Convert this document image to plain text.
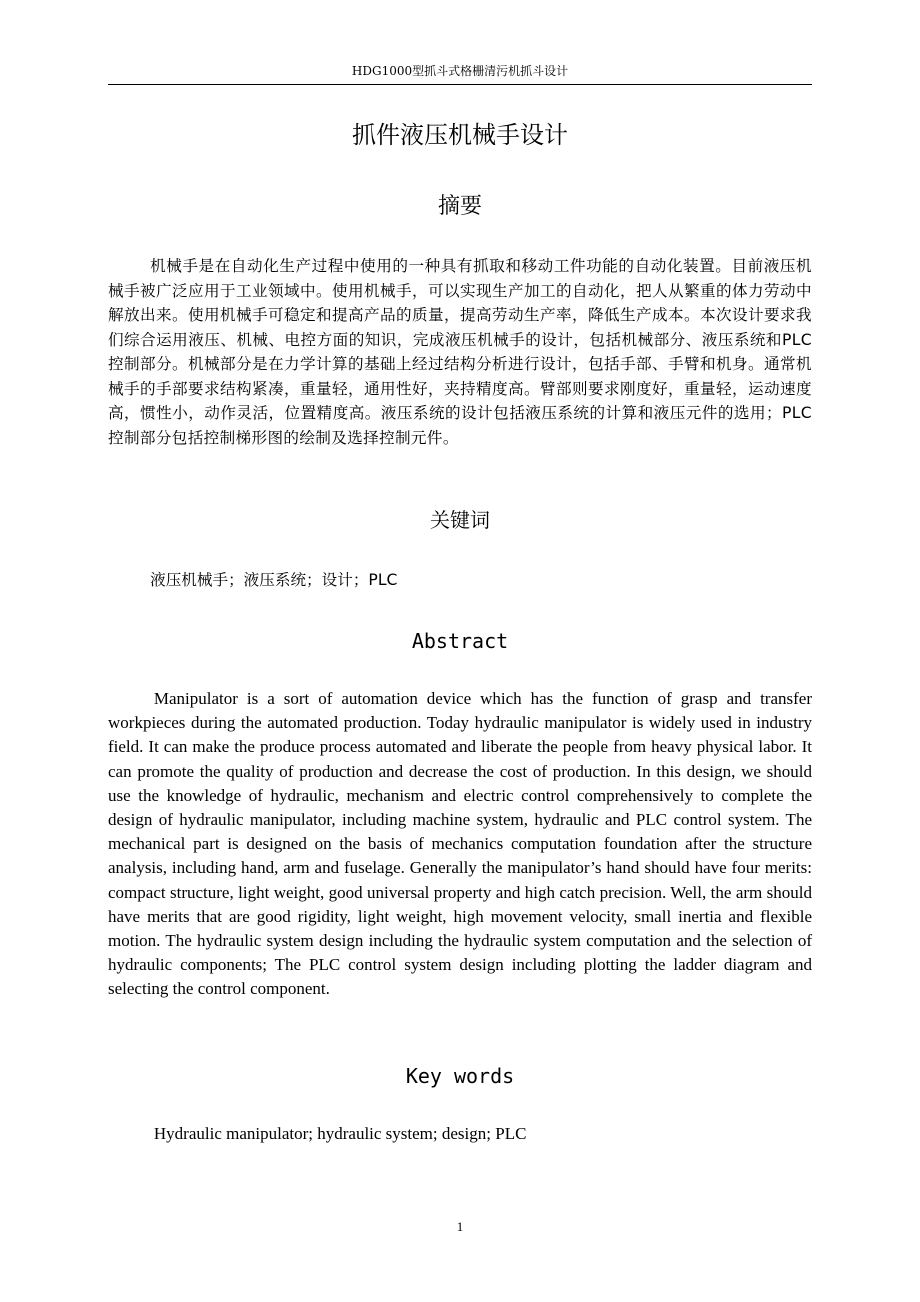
HDG1000型抓斗式格栅清污机抓斗设计
抓件液压机械手设计
摘要
机械手是在自动化生产过程中使用的一种具有抓取和移动工件功能的自动化装置。目前液压机械手被广泛应用于工业领域中。使用机械手，可以实现生产加工的自动化，把人从繁重的体力劳动中解放出来。使用机械手可稳定和提高产品的质量，提高劳动生产率，降低生产成本。本次设计要求我们综合运用液压、机械、电控方面的知识，完成液压机械手的设计，包括机械部分、液压系统和PLC控制部分。机械部分是在力学计算的基础上经过结构分析进行设计，包括手部、手臂和机身。通常机械手的手部要求结构紧凑，重量轻，通用性好，夹持精度高。臂部则要求刚度好，重量轻，运动速度高，惯性小，动作灵活，位置精度高。液压系统的设计包括液压系统的计算和液压元件的选用；PLC控制部分包括控制梯形图的绘制及选择控制元件。
关键词
液压机械手；液压系统；设计；PLC
Abstract
Manipulator is a sort of automation device which has the function of grasp and transfer workpieces during the automated production. Today hydraulic manipulator is widely used in industry field. It can make the produce process automated and liberate the people from heavy physical labor. It can promote the quality of production and decrease the cost of production. In this design, we should use the knowledge of hydraulic, mechanism and electric control comprehensively to complete the design of hydraulic manipulator, including machine system, hydraulic and PLC control system. The mechanical part is designed on the basis of mechanics computation foundation after the structure analysis, including hand, arm and fuselage. Generally the manipulator’s hand should have four merits: compact structure, light weight, good universal property and high catch precision. Well, the arm should have merits that are good rigidity, light weight, high movement velocity, small inertia and flexible motion. The hydraulic system design including the hydraulic system computation and the selection of hydraulic components; The PLC control system design including plotting the ladder diagram and selecting the control component.
Key words
Hydraulic manipulator; hydraulic system; design; PLC
1
